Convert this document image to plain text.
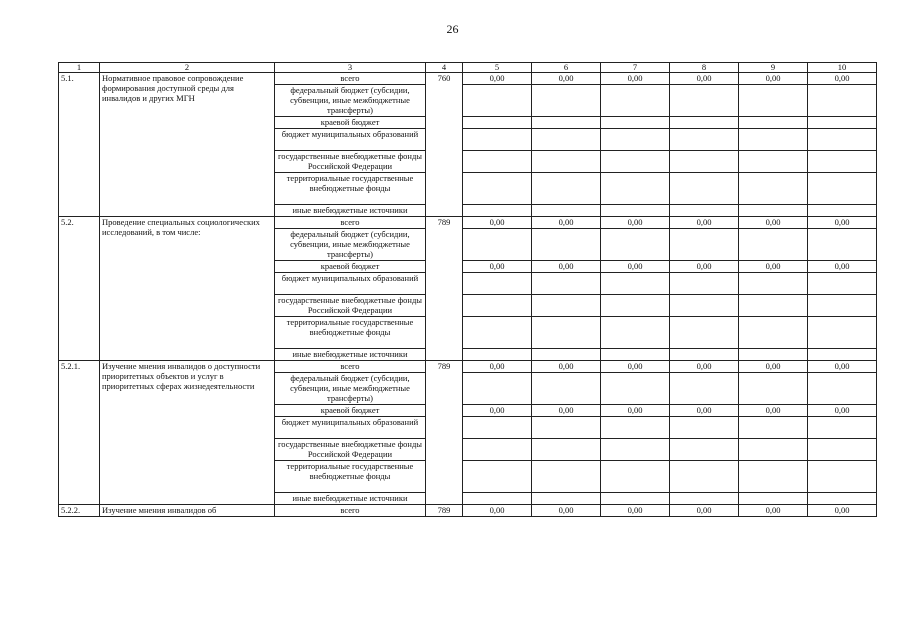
26
1	2	3	4	5	6	7	8	9	10
5.1.	Нормативное правовое сопровождение формирования доступной среды для инвалидов и других МГН	всего	760	0,00	0,00	0,00	0,00	0,00	0,00
		федеральный бюджет (субсидии, субвенции, иные межбюджетные трансферты)							
		краевой бюджет							
		бюджет муниципальных образований							
		государственные внебюджетные фонды Российской Федерации							
		территориальные государственные внебюджетные фонды							
		иные внебюджетные источники							
5.2.	Проведение специальных социологических исследований, в том числе:	всего	789	0,00	0,00	0,00	0,00	0,00	0,00
		федеральный бюджет (субсидии, субвенции, иные межбюджетные трансферты)							
		краевой бюджет		0,00	0,00	0,00	0,00	0,00	0,00
		бюджет муниципальных образований							
		государственные внебюджетные фонды Российской Федерации							
		территориальные государственные внебюджетные фонды							
		иные внебюджетные источники							
5.2.1.	Изучение мнения инвалидов о доступности приоритетных объектов и услуг в приоритетных сферах жизнедеятельности	всего	789	0,00	0,00	0,00	0,00	0,00	0,00
		федеральный бюджет (субсидии, субвенции, иные межбюджетные трансферты)							
		краевой бюджет		0,00	0,00	0,00	0,00	0,00	0,00
		бюджет муниципальных образований							
		государственные внебюджетные фонды Российской Федерации							
		территориальные государственные внебюджетные фонды							
		иные внебюджетные источники							
5.2.2.	Изучение мнения инвалидов об	всего	789	0,00	0,00	0,00	0,00	0,00	0,00
